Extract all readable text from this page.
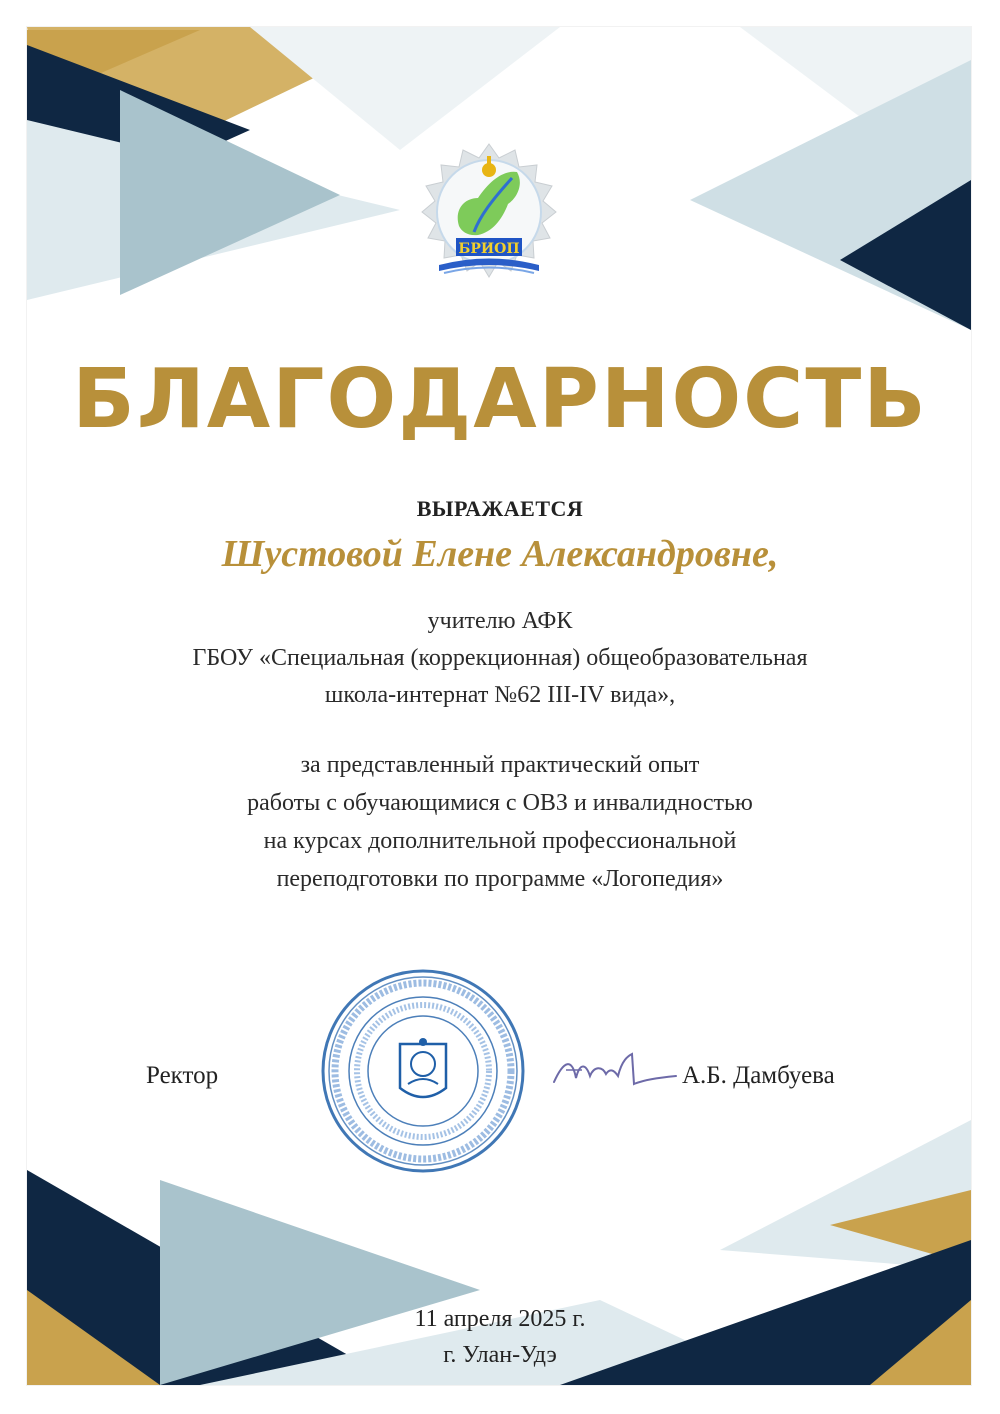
БРИОП
БЛАГОДАРНОСТЬ
ВЫРАЖАЕТСЯ
Шустовой Елене Александровне,
учителю АФК
ГБОУ «Специальная (коррекционная) общеобразовательная
школа-интернат №62 III-IV вида»,
за представленный практический опыт
работы с обучающимися с ОВЗ и инвалидностью
на курсах дополнительной профессиональной
переподготовки по программе «Логопедия»
Ректор	А.Б. Дамбуева
11 апреля 2025 г.
г. Улан-Удэ
